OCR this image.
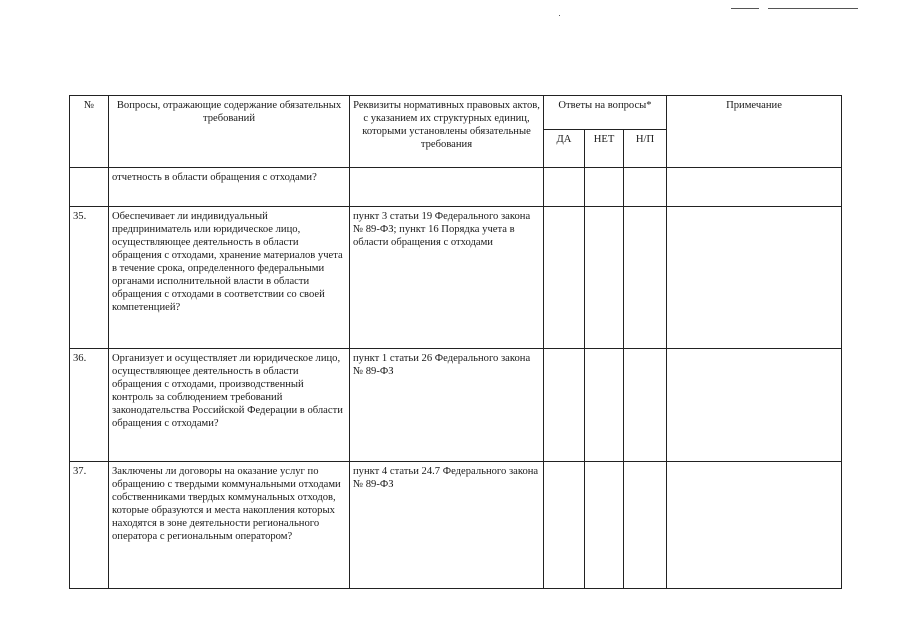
№	Вопросы, отражающие содержание обязательных требований	Реквизиты нормативных правовых актов, с указанием их структурных единиц, которыми установлены обязательные требования	Ответы на вопросы*			Примечание
			ДА	НЕТ	Н/П	
	отчетность в области обращения с отходами?					
35.	Обеспечивает ли индивидуальный предприниматель или юридическое лицо, осуществляющее деятельность в области обращения с отходами, хранение материалов учета в течение срока, определенного федеральными органами исполнительной власти в области обращения с отходами в соответствии со своей компетенцией?	пункт 3 статьи 19 Федерального закона № 89-ФЗ; пункт 16 Порядка учета в области обращения с отходами				
36.	Организует и осуществляет ли юридическое лицо, осуществляющее деятельность в области обращения с отходами, производственный контроль за соблюдением требований законодательства Российской Федерации в области обращения с отходами?	пункт 1 статьи 26 Федерального закона № 89-ФЗ				
37.	Заключены ли договоры на оказание услуг по обращению с твердыми коммунальными отходами собственниками твердых коммунальных отходов, которые образуются и места накопления которых находятся в зоне деятельности регионального оператора с региональным оператором?	пункт 4 статьи 24.7 Федерального закона № 89-ФЗ				
